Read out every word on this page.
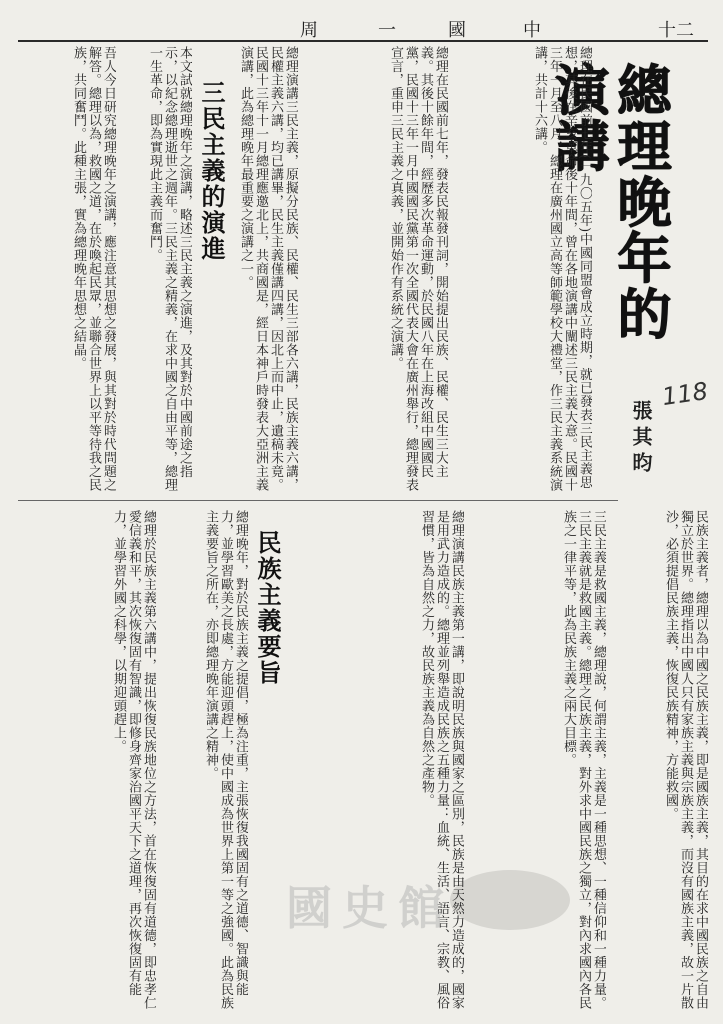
周	一	國	中	十二
總理晚年的演講
張其昀
118
總理在民國前七年(一九〇五年)中國同盟會成立時期，就已發表三民主義思想，其後在辛亥革命後十年間，曾在各地演講中闡述三民主義大意。民國十三年一月至八月，總理在廣州國立高等師範學校大禮堂，作三民主義系統演講，共計十六講。
總理在民國前七年，發表民報發刊詞，開始提出民族、民權、民生三大主義。其後十餘年間，經歷多次革命運動，於民國八年在上海改組中國國民黨，民國十三年一月中國國民黨第一次全國代表大會在廣州舉行，總理發表宣言，重申三民主義之真義，並開始作有系統之演講。
總理演講三民主義，原擬分民族、民權、民生三部各六講，民族主義六講，民權主義六講，均已講畢，民生主義僅講四講，因北上而中止，遺稿未竟。民國十三年十一月總理應邀北上，共商國是，經日本神戶時發表大亞洲主義演講，此為總理晚年最重要之演講之一。
三民主義的演進
本文試就總理晚年之演講，略述三民主義之演進，及其對於中國前途之指示，以紀念總理逝世之週年。三民主義之精義，在求中國之自由平等，總理一生革命，即為實現此主義而奮鬥。
吾人今日研究總理晚年之演講，應注意其思想之發展，與其對於時代問題之解答。總理以為，救國之道，在於喚起民眾，並聯合世界上以平等待我之民族，共同奮鬥。此種主張，實為總理晚年思想之結晶。
民族主義者，總理以為中國之民族主義，即是國族主義，其目的在求中國民族之自由獨立於世界。總理指出中國人只有家族主義與宗族主義，而沒有國族主義，故一片散沙，必須提倡民族主義，恢復民族精神，方能救國。
三民主義是救國主義，總理說，何謂主義，主義是一種思想、一種信仰和一種力量。三民主義就是救國主義。總理之民族主義，對外求中國民族之獨立，對內求國內各民族之一律平等，此為民族主義之兩大目標。
總理演講民族主義第一講，即說明民族與國家之區別，民族是由天然力造成的，國家是用武力造成的。總理並列舉造成民族之五種力量：血統、生活、語言、宗教、風俗習慣，皆為自然之力，故民族主義為自然之產物。
民族主義要旨
總理晚年，對於民族主義之提倡，極為注重，主張恢復我國固有之道德、智識與能力，並學習歐美之長處，方能迎頭趕上，使中國成為世界上第一等之強國。此為民族主義要旨之所在，亦即總理晚年演講之精神。
總理於民族主義第六講中，提出恢復民族地位之方法，首在恢復固有道德，即忠孝仁愛信義和平，其次恢復固有智識，即修身齊家治國平天下之道理，再次恢復固有能力，並學習外國之科學，以期迎頭趕上。
國史館
